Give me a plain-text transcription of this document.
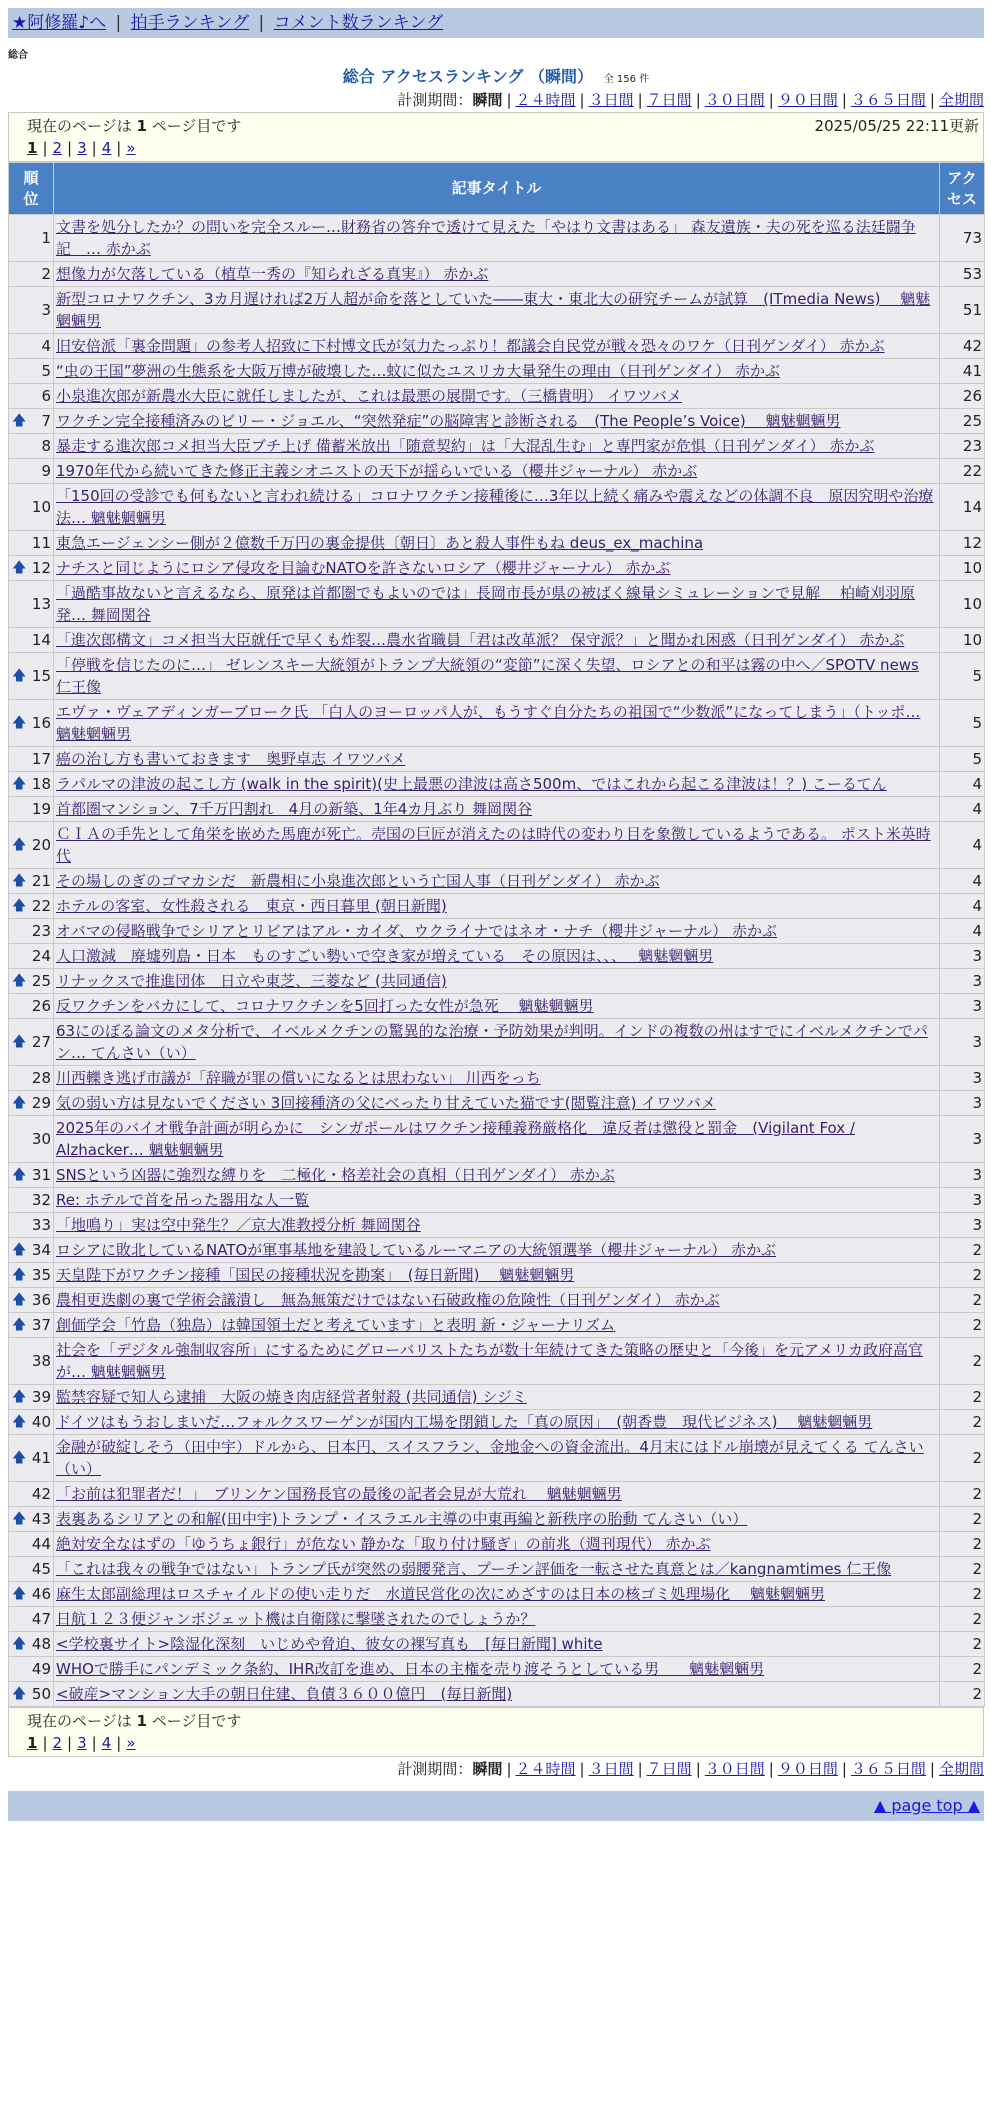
★阿修羅♪へ | 拍手ランキング | コメント数ランキング
総合
総合 アクセスランキング （瞬間） 全 156 件
計測期間：瞬間 | ２４時間 | ３日間 | ７日間 | ３０日間 | ９０日間 | ３６５日間 | 全期間
現在のページは 1 ページ目です	2025/05/25 22:11更新
1 | 2 | 3 | 4 | »
順
位	記事タイトル	アク
セス
1	文書を処分したか？の問いを完全スルー…財務省の答弁で透けて見えた「やはり文書はある」 森友遺族・夫の死を巡る法廷闘争記　… 赤かぶ	73
2	想像力が欠落している（植草一秀の『知られざる真実』） 赤かぶ	53
3	新型コロナワクチン、3カ月遅ければ2万人超が命を落としていた――東大・東北大の研究チームが試算　(ITmedia News)　 魑魅魍魎男	51
4	旧安倍派「裏金問題」の参考人招致に下村博文氏が気力たっぷり！都議会自民党が戦々恐々のワケ（日刊ゲンダイ） 赤かぶ	42
5	“虫の王国”夢洲の生態系を大阪万博が破壊した…蚊に似たユスリカ大量発生の理由（日刊ゲンダイ） 赤かぶ	41
6	小泉進次郎が新農水大臣に就任しましたが、これは最悪の展開です。（三橋貴明） イワツバメ	26

🡅 7	ワクチン完全接種済みのビリー・ジョエル、“突然発症”の脳障害と診断される　(The People’s Voice)　 魑魅魍魎男	25
8	暴走する進次郎コメ担当大臣ブチ上げ 備蓄米放出「随意契約」は「大混乱生む」と専門家が危惧（日刊ゲンダイ） 赤かぶ	23
9	1970年代から続いてきた修正主義シオニストの天下が揺らいでいる（櫻井ジャーナル） 赤かぶ	22
10	「150回の受診でも何もないと言われ続ける」コロナワクチン接種後に…3年以上続く痛みや震えなどの体調不良　原因究明や治療法… 魑魅魍魎男	14
11	東急エージェンシー側が２億数千万円の裏金提供〔朝日〕あと殺人事件もね deus_ex_machina	12

🡅 12	ナチスと同じようにロシア侵攻を目論むNATOを許さないロシア（櫻井ジャーナル） 赤かぶ	10
13	「過酷事故ないと言えるなら、原発は首都圏でもよいのでは」長岡市長が県の被ばく線量シミュレーションで見解　 柏崎刈羽原発… 舞岡関谷	10
14	「進次郎構文」コメ担当大臣就任で早くも炸裂…農水省職員「君は改革派？ 保守派？」と聞かれ困惑（日刊ゲンダイ） 赤かぶ	10

🡅 15	「停戦を信じたのに…」 ゼレンスキー大統領がトランプ大統領の“変節”に深く失望、ロシアとの和平は霧の中へ／SPOTV news 仁王像	5

🡅 16	エヴァ・ヴェアディンガーブローク氏 「白人のヨーロッパ人が、もうすぐ自分たちの祖国で“少数派”になってしまう」（トッポ… 魑魅魍魎男	5
17	癌の治し方も書いておきます　奥野卓志 イワツバメ	5

🡅 18	ラパルマの津波の起こし方 (walk in the spirit)(史上最悪の津波は高さ500m、ではこれから起こる津波は！？) こーるてん	4
19	首都圏マンション、7千万円割れ　4月の新築、1年4カ月ぶり 舞岡関谷	4

🡅 20	ＣＩＡの手先として角栄を嵌めた馬鹿が死亡。売国の巨匠が消えたのは時代の変わり目を象徴しているようである。 ポスト米英時代	4

🡅 21	その場しのぎのゴマカシだ　新農相に小泉進次郎という亡国人事（日刊ゲンダイ） 赤かぶ	4

🡅 22	ホテルの客室、女性殺される　東京・西日暮里 (朝日新聞)	4
23	オバマの侵略戦争でシリアとリビアはアル・カイダ、ウクライナではネオ・ナチ（櫻井ジャーナル） 赤かぶ	4
24	人口激減　廃墟列島・日本　ものすごい勢いで空き家が増えている　その原因は、、、　 魑魅魍魎男	3

🡅 25	リナックスで推進団体　日立や東芝、三菱など (共同通信)	3
26	反ワクチンをバカにして、コロナワクチンを5回打った女性が急死　 魑魅魍魎男	3

🡅 27	63にのぼる論文のメタ分析で、イベルメクチンの驚異的な治療・予防効果が判明。インドの複数の州はすでにイベルメクチンでパン… てんさい（い）	3
28	川西轢き逃げ市議が「辞職が罪の償いになるとは思わない」 川西をっち	3

🡅 29	気の弱い方は見ないでください 3回接種済の父にべったり甘えていた猫です(閲覧注意) イワツバメ	3
30	2025年のバイオ戦争計画が明らかに　シンガポールはワクチン接種義務厳格化　違反者は懲役と罰金　(Vigilant Fox / Alzhacker… 魑魅魍魎男	3

🡅 31	SNSという凶器に強烈な縛りを　二極化・格差社会の真相（日刊ゲンダイ） 赤かぶ	3
32	Re: ホテルで首を吊った器用な人一覧	3
33	「地鳴り」実は空中発生？／京大准教授分析 舞岡関谷	3

🡅 34	ロシアに敗北しているNATOが軍事基地を建設しているルーマニアの大統領選挙（櫻井ジャーナル） 赤かぶ	2

🡅 35	天皇陛下がワクチン接種「国民の接種状況を勘案」　(毎日新聞)　 魑魅魍魎男	2

🡅 36	農相更迭劇の裏で学術会議潰し　無為無策だけではない石破政権の危険性（日刊ゲンダイ） 赤かぶ	2

🡅 37	創価学会「竹島（独島）は韓国領土だと考えています」と表明 新・ジャーナリズム	2
38	社会を「デジタル強制収容所」にするためにグローバリストたちが数十年続けてきた策略の歴史と「今後」を元アメリカ政府高官が… 魑魅魍魎男	2

🡅 39	監禁容疑で知人ら逮捕　大阪の焼き肉店経営者射殺 (共同通信) シジミ	2

🡅 40	ドイツはもうおしまいだ…フォルクスワーゲンが国内工場を閉鎖した「真の原因」　(朝香豊　現代ビジネス)　 魑魅魍魎男	2

🡅 41	金融が破綻しそう（田中宇）ドルから、日本円、スイスフラン、金地金への資金流出。4月末にはドル崩壊が見えてくる てんさい（い）	2
42	「お前は犯罪者だ！」　ブリンケン国務長官の最後の記者会見が大荒れ　 魑魅魍魎男	2

🡅 43	表裏あるシリアとの和解(田中宇)トランプ・イスラエル主導の中東再編と新秩序の胎動 てんさい（い）	2
44	絶対安全なはずの「ゆうちょ銀行」が危ない 静かな「取り付け騒ぎ」の前兆（週刊現代） 赤かぶ	2
45	「これは我々の戦争ではない」トランプ氏が突然の弱腰発言、プーチン評価を一転させた真意とは／kangnamtimes 仁王像	2

🡅 46	麻生太郎副総理はロスチャイルドの使い走りだ　水道民営化の次にめざすのは日本の核ゴミ処理場化　 魑魅魍魎男	2
47	日航１２３便ジャンボジェット機は自衛隊に撃墜されたのでしょうか？	2

🡅 48	<学校裏サイト>陰湿化深刻　いじめや脅迫、彼女の裸写真も　[毎日新聞] white	2
49	WHOで勝手にパンデミック条約、IHR改訂を進め、日本の主権を売り渡そうとしている男　　魑魅魍魎男	2

🡅 50	<破産>マンション大手の朝日住建、負債３６００億円　(毎日新聞)	2
現在のページは 1 ページ目です
1 | 2 | 3 | 4 | »
計測期間：瞬間 | ２４時間 | ３日間 | ７日間 | ３０日間 | ９０日間 | ３６５日間 | 全期間
▲ page top ▲
